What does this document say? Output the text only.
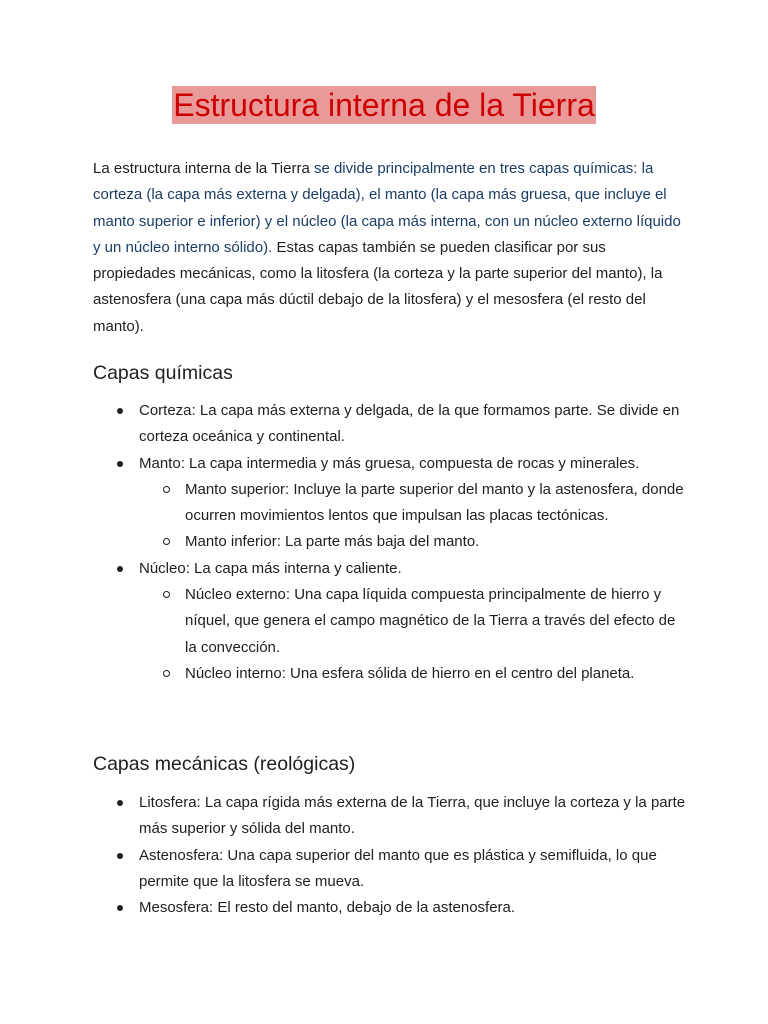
Estructura interna de la Tierra

La estructura interna de la Tierra se divide principalmente en tres capas químicas: la corteza (la capa más externa y delgada), el manto (la capa más gruesa, que incluye el manto superior e inferior) y el núcleo (la capa más interna, con un núcleo externo líquido y un núcleo interno sólido). Estas capas también se pueden clasificar por sus propiedades mecánicas, como la litosfera (la corteza y la parte superior del manto), la astenosfera (una capa más dúctil debajo de la litosfera) y el mesosfera (el resto del manto).

Capas químicas
Corteza: La capa más externa y delgada, de la que formamos parte. Se divide en corteza oceánica y continental.
Manto: La capa intermedia y más gruesa, compuesta de rocas y minerales.
Manto superior: Incluye la parte superior del manto y la astenosfera, donde ocurren movimientos lentos que impulsan las placas tectónicas.
Manto inferior: La parte más baja del manto.
Núcleo: La capa más interna y caliente.
Núcleo externo: Una capa líquida compuesta principalmente de hierro y níquel, que genera el campo magnético de la Tierra a través del efecto de la convección.
Núcleo interno: Una esfera sólida de hierro en el centro del planeta.
Capas mecánicas (reológicas)
Litosfera: La capa rígida más externa de la Tierra, que incluye la corteza y la parte más superior y sólida del manto.
Astenosfera: Una capa superior del manto que es plástica y semifluida, lo que permite que la litosfera se mueva.
Mesosfera: El resto del manto, debajo de la astenosfera.
